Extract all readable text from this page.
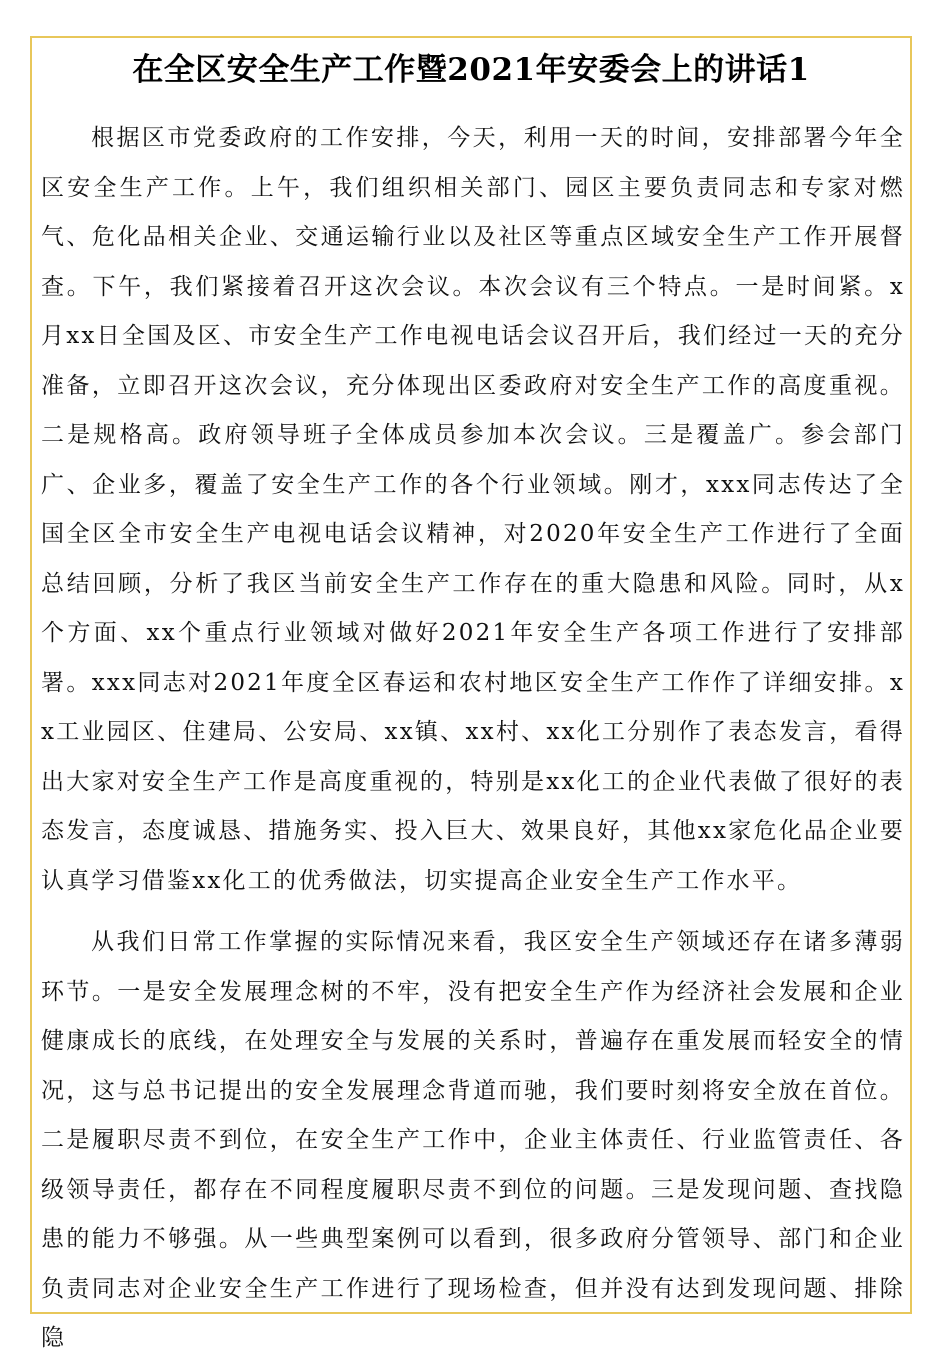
在全区安全生产工作暨2021年安委会上的讲话1

根据区市党委政府的工作安排，今天，利用一天的时间，安排部署今年全区安全生产工作。上午，我们组织相关部门、园区主要负责同志和专家对燃气、危化品相关企业、交通运输行业以及社区等重点区域安全生产工作开展督查。下午，我们紧接着召开这次会议。本次会议有三个特点。一是时间紧。x月xx日全国及区、市安全生产工作电视电话会议召开后，我们经过一天的充分准备，立即召开这次会议，充分体现出区委政府对安全生产工作的高度重视。二是规格高。政府领导班子全体成员参加本次会议。三是覆盖广。参会部门广、企业多，覆盖了安全生产工作的各个行业领域。刚才，xxx同志传达了全国全区全市安全生产电视电话会议精神，对2020年安全生产工作进行了全面总结回顾，分析了我区当前安全生产工作存在的重大隐患和风险。同时，从x个方面、xx个重点行业领域对做好2021年安全生产各项工作进行了安排部署。xxx同志对2021年度全区春运和农村地区安全生产工作作了详细安排。xx工业园区、住建局、公安局、xx镇、xx村、xx化工分别作了表态发言，看得出大家对安全生产工作是高度重视的，特别是xx化工的企业代表做了很好的表态发言，态度诚恳、措施务实、投入巨大、效果良好，其他xx家危化品企业要认真学习借鉴xx化工的优秀做法，切实提高企业安全生产工作水平。

从我们日常工作掌握的实际情况来看，我区安全生产领域还存在诸多薄弱环节。一是安全发展理念树的不牢，没有把安全生产作为经济社会发展和企业健康成长的底线，在处理安全与发展的关系时，普遍存在重发展而轻安全的情况，这与总书记提出的安全发展理念背道而驰，我们要时刻将安全放在首位。二是履职尽责不到位，在安全生产工作中，企业主体责任、行业监管责任、各级领导责任，都存在不同程度履职尽责不到位的问题。三是发现问题、查找隐患的能力不够强。从一些典型案例可以看到，很多政府分管领导、部门和企业负责同志对企业安全生产工作进行了现场检查，但并没有达到发现问题、排除隐
